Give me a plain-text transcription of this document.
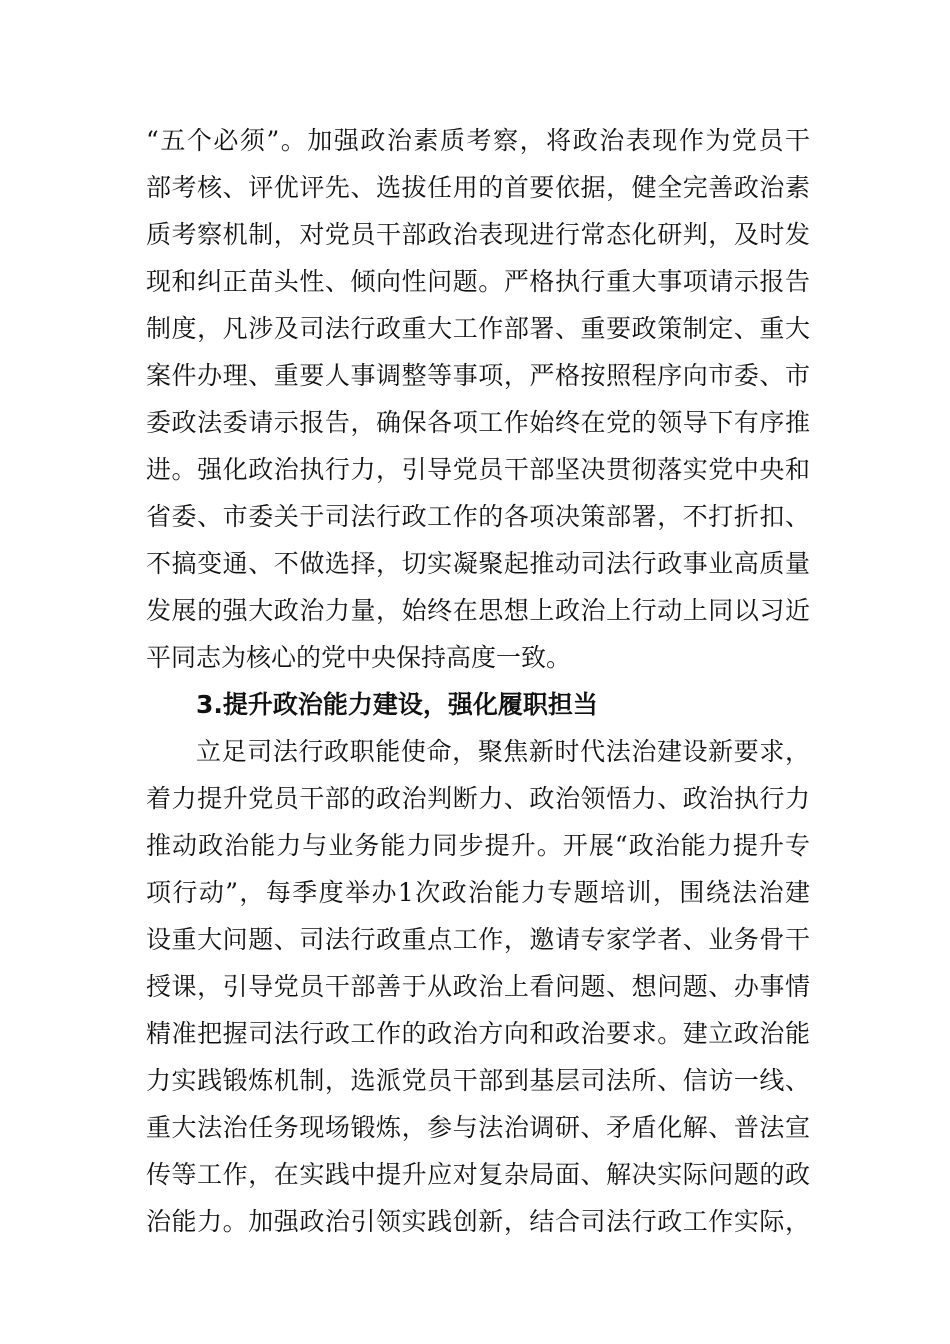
“五个必须”。加强政治素质考察，将政治表现作为党员干
部考核、评优评先、选拔任用的首要依据，健全完善政治素
质考察机制，对党员干部政治表现进行常态化研判，及时发
现和纠正苗头性、倾向性问题。严格执行重大事项请示报告
制度，凡涉及司法行政重大工作部署、重要政策制定、重大
案件办理、重要人事调整等事项，严格按照程序向市委、市
委政法委请示报告，确保各项工作始终在党的领导下有序推
进。强化政治执行力，引导党员干部坚决贯彻落实党中央和
省委、市委关于司法行政工作的各项决策部署，不打折扣、
不搞变通、不做选择，切实凝聚起推动司法行政事业高质量
发展的强大政治力量，始终在思想上政治上行动上同以习近
平同志为核心的党中央保持高度一致。
3.提升政治能力建设，强化履职担当
立足司法行政职能使命，聚焦新时代法治建设新要求，
着力提升党员干部的政治判断力、政治领悟力、政治执行力
推动政治能力与业务能力同步提升。开展“政治能力提升专
项行动”，每季度举办1次政治能力专题培训，围绕法治建
设重大问题、司法行政重点工作，邀请专家学者、业务骨干
授课，引导党员干部善于从政治上看问题、想问题、办事情
精准把握司法行政工作的政治方向和政治要求。建立政治能
力实践锻炼机制，选派党员干部到基层司法所、信访一线、
重大法治任务现场锻炼，参与法治调研、矛盾化解、普法宣
传等工作，在实践中提升应对复杂局面、解决实际问题的政
治能力。加强政治引领实践创新，结合司法行政工作实际，
